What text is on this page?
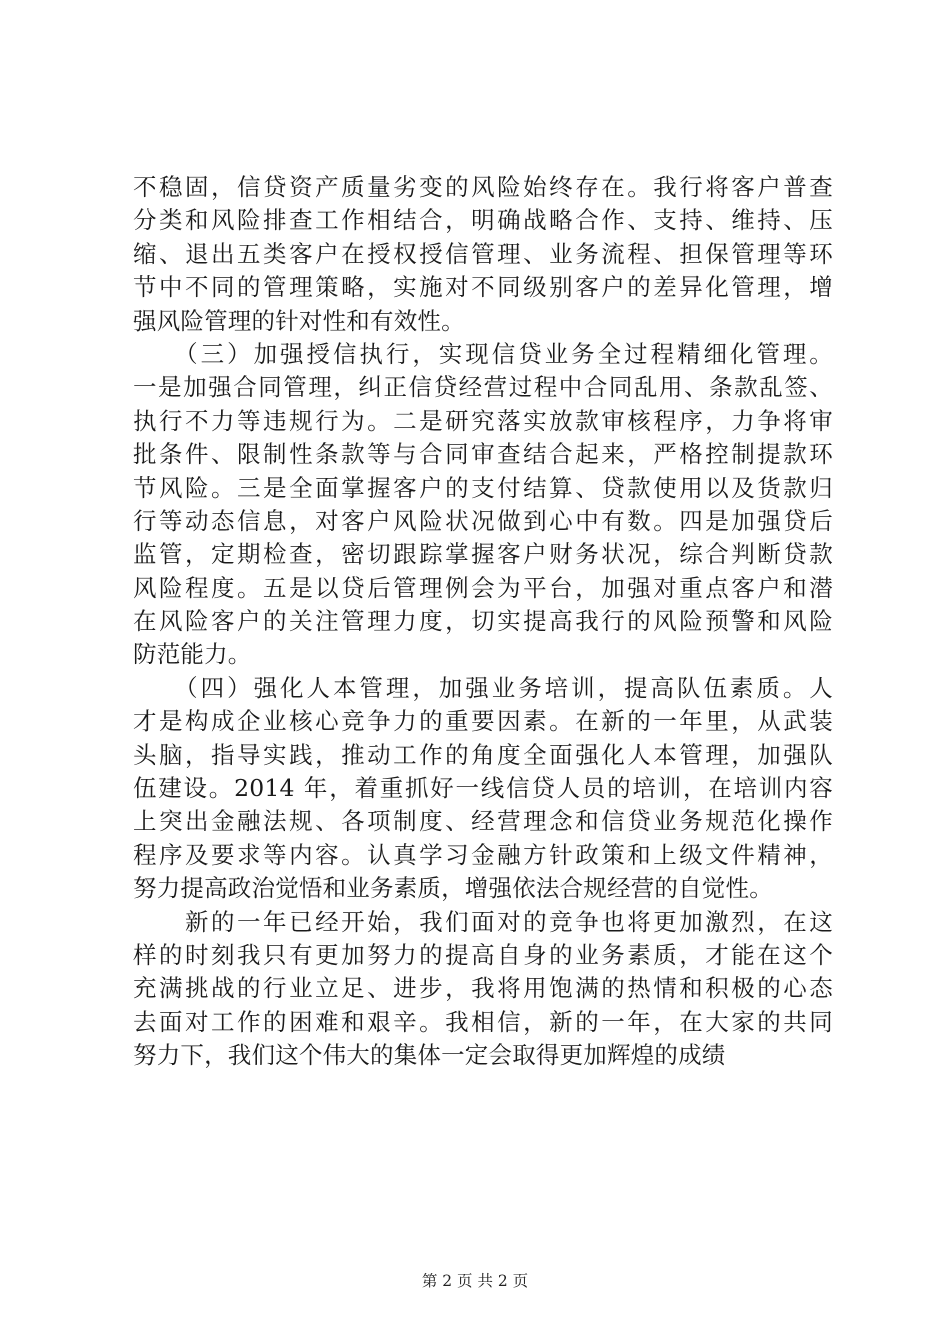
不稳固，信贷资产质量劣变的风险始终存在。我行将客户普查
分类和风险排查工作相结合，明确战略合作、支持、维持、压
缩、退出五类客户在授权授信管理、业务流程、担保管理等环
节中不同的管理策略，实施对不同级别客户的差异化管理，增
强风险管理的针对性和有效性。
　　（三）加强授信执行，实现信贷业务全过程精细化管理。
一是加强合同管理，纠正信贷经营过程中合同乱用、条款乱签、
执行不力等违规行为。二是研究落实放款审核程序，力争将审
批条件、限制性条款等与合同审查结合起来，严格控制提款环
节风险。三是全面掌握客户的支付结算、贷款使用以及货款归
行等动态信息，对客户风险状况做到心中有数。四是加强贷后
监管，定期检查，密切跟踪掌握客户财务状况，综合判断贷款
风险程度。五是以贷后管理例会为平台，加强对重点客户和潜
在风险客户的关注管理力度，切实提高我行的风险预警和风险
防范能力。
　　（四）强化人本管理，加强业务培训，提高队伍素质。人
才是构成企业核心竞争力的重要因素。在新的一年里，从武装
头脑，指导实践，推动工作的角度全面强化人本管理，加强队
伍建设。2014 年，着重抓好一线信贷人员的培训，在培训内容
上突出金融法规、各项制度、经营理念和信贷业务规范化操作
程序及要求等内容。认真学习金融方针政策和上级文件精神，
努力提高政治觉悟和业务素质，增强依法合规经营的自觉性。
　　新的一年已经开始，我们面对的竞争也将更加激烈，在这
样的时刻我只有更加努力的提高自身的业务素质，才能在这个
充满挑战的行业立足、进步，我将用饱满的热情和积极的心态
去面对工作的困难和艰辛。我相信，新的一年，在大家的共同
努力下，我们这个伟大的集体一定会取得更加辉煌的成绩
第 2 页 共 2 页
